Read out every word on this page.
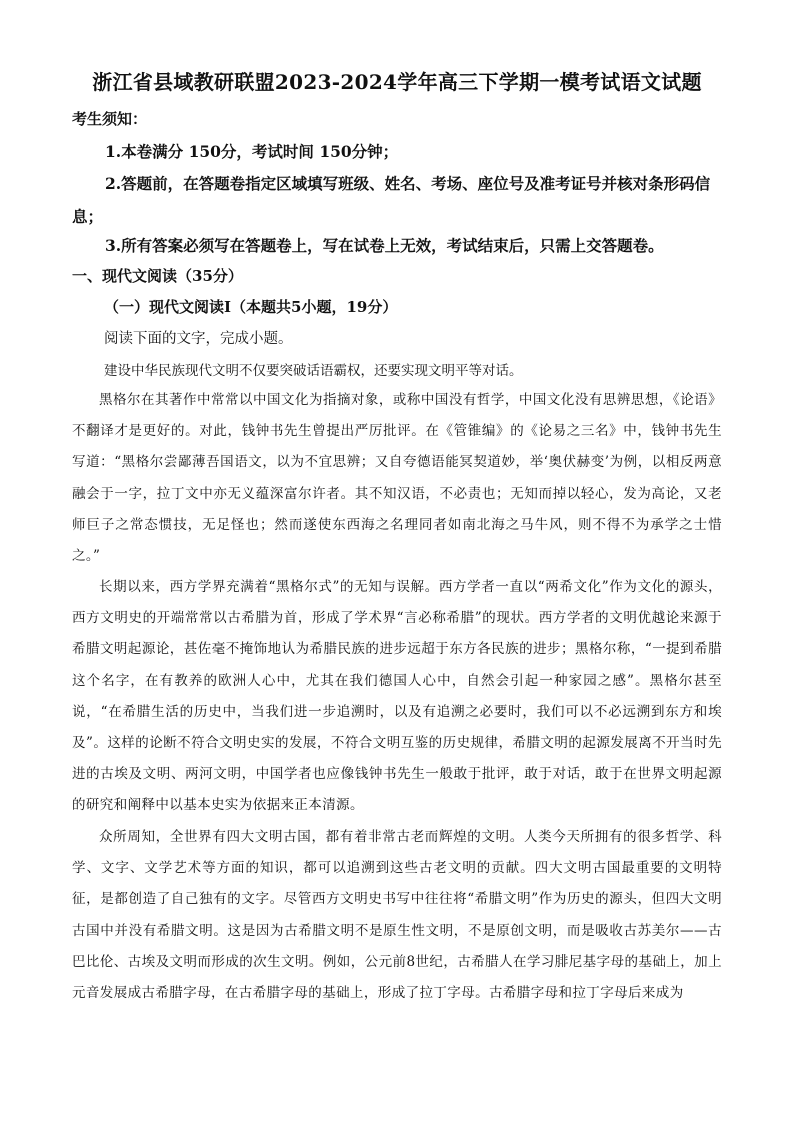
浙江省县域教研联盟2023-2024学年高三下学期一模考试语文试题
考生须知：
1.本卷满分 150分，考试时间 150分钟；
2.答题前，在答题卷指定区域填写班级、姓名、考场、座位号及准考证号并核对条形码信息；
3.所有答案必须写在答题卷上，写在试卷上无效，考试结束后，只需上交答题卷。
一、现代文阅读（35分）
（一）现代文阅读Ⅰ（本题共5小题，19分）
阅读下面的文字，完成小题。
建设中华民族现代文明不仅要突破话语霸权，还要实现文明平等对话。
黑格尔在其著作中常常以中国文化为指摘对象，或称中国没有哲学，中国文化没有思辨思想，《论语》不翻译才是更好的。对此，钱钟书先生曾提出严厉批评。在《管锥编》的《论易之三名》中，钱钟书先生写道：“黑格尔尝鄙薄吾国语文，以为不宜思辨；又自夸德语能冥契道妙，举‘奥伏赫变’为例，以相反两意融会于一字，拉丁文中亦无义蕴深富尔许者。其不知汉语，不必责也；无知而掉以轻心，发为高论，又老师巨子之常态惯技，无足怪也；然而遂使东西海之名理同者如南北海之马牛风，则不得不为承学之士惜之。”
长期以来，西方学界充满着“黑格尔式”的无知与误解。西方学者一直以“两希文化”作为文化的源头，西方文明史的开端常常以古希腊为首，形成了学术界“言必称希腊”的现状。西方学者的文明优越论来源于希腊文明起源论，甚佐毫不掩饰地认为希腊民族的进步远超于东方各民族的进步；黑格尔称，“一提到希腊这个名字，在有教养的欧洲人心中，尤其在我们德国人心中，自然会引起一种家园之感”。黑格尔甚至说，“在希腊生活的历史中，当我们进一步追溯时，以及有追溯之必要时，我们可以不必远溯到东方和埃及”。这样的论断不符合文明史实的发展，不符合文明互鉴的历史规律，希腊文明的起源发展离不开当时先进的古埃及文明、两河文明，中国学者也应像钱钟书先生一般敢于批评，敢于对话，敢于在世界文明起源的研究和阐释中以基本史实为依据来正本清源。
众所周知，全世界有四大文明古国，都有着非常古老而辉煌的文明。人类今天所拥有的很多哲学、科学、文字、文学艺术等方面的知识，都可以追溯到这些古老文明的贡献。四大文明古国最重要的文明特征，是都创造了自己独有的文字。尽管西方文明史书写中往往将“希腊文明”作为历史的源头，但四大文明古国中并没有希腊文明。这是因为古希腊文明不是原生性文明，不是原创文明，而是吸收古苏美尔——古巴比伦、古埃及文明而形成的次生文明。例如，公元前8世纪，古希腊人在学习腓尼基字母的基础上，加上元音发展成古希腊字母，在古希腊字母的基础上，形成了拉丁字母。古希腊字母和拉丁字母后来成为
